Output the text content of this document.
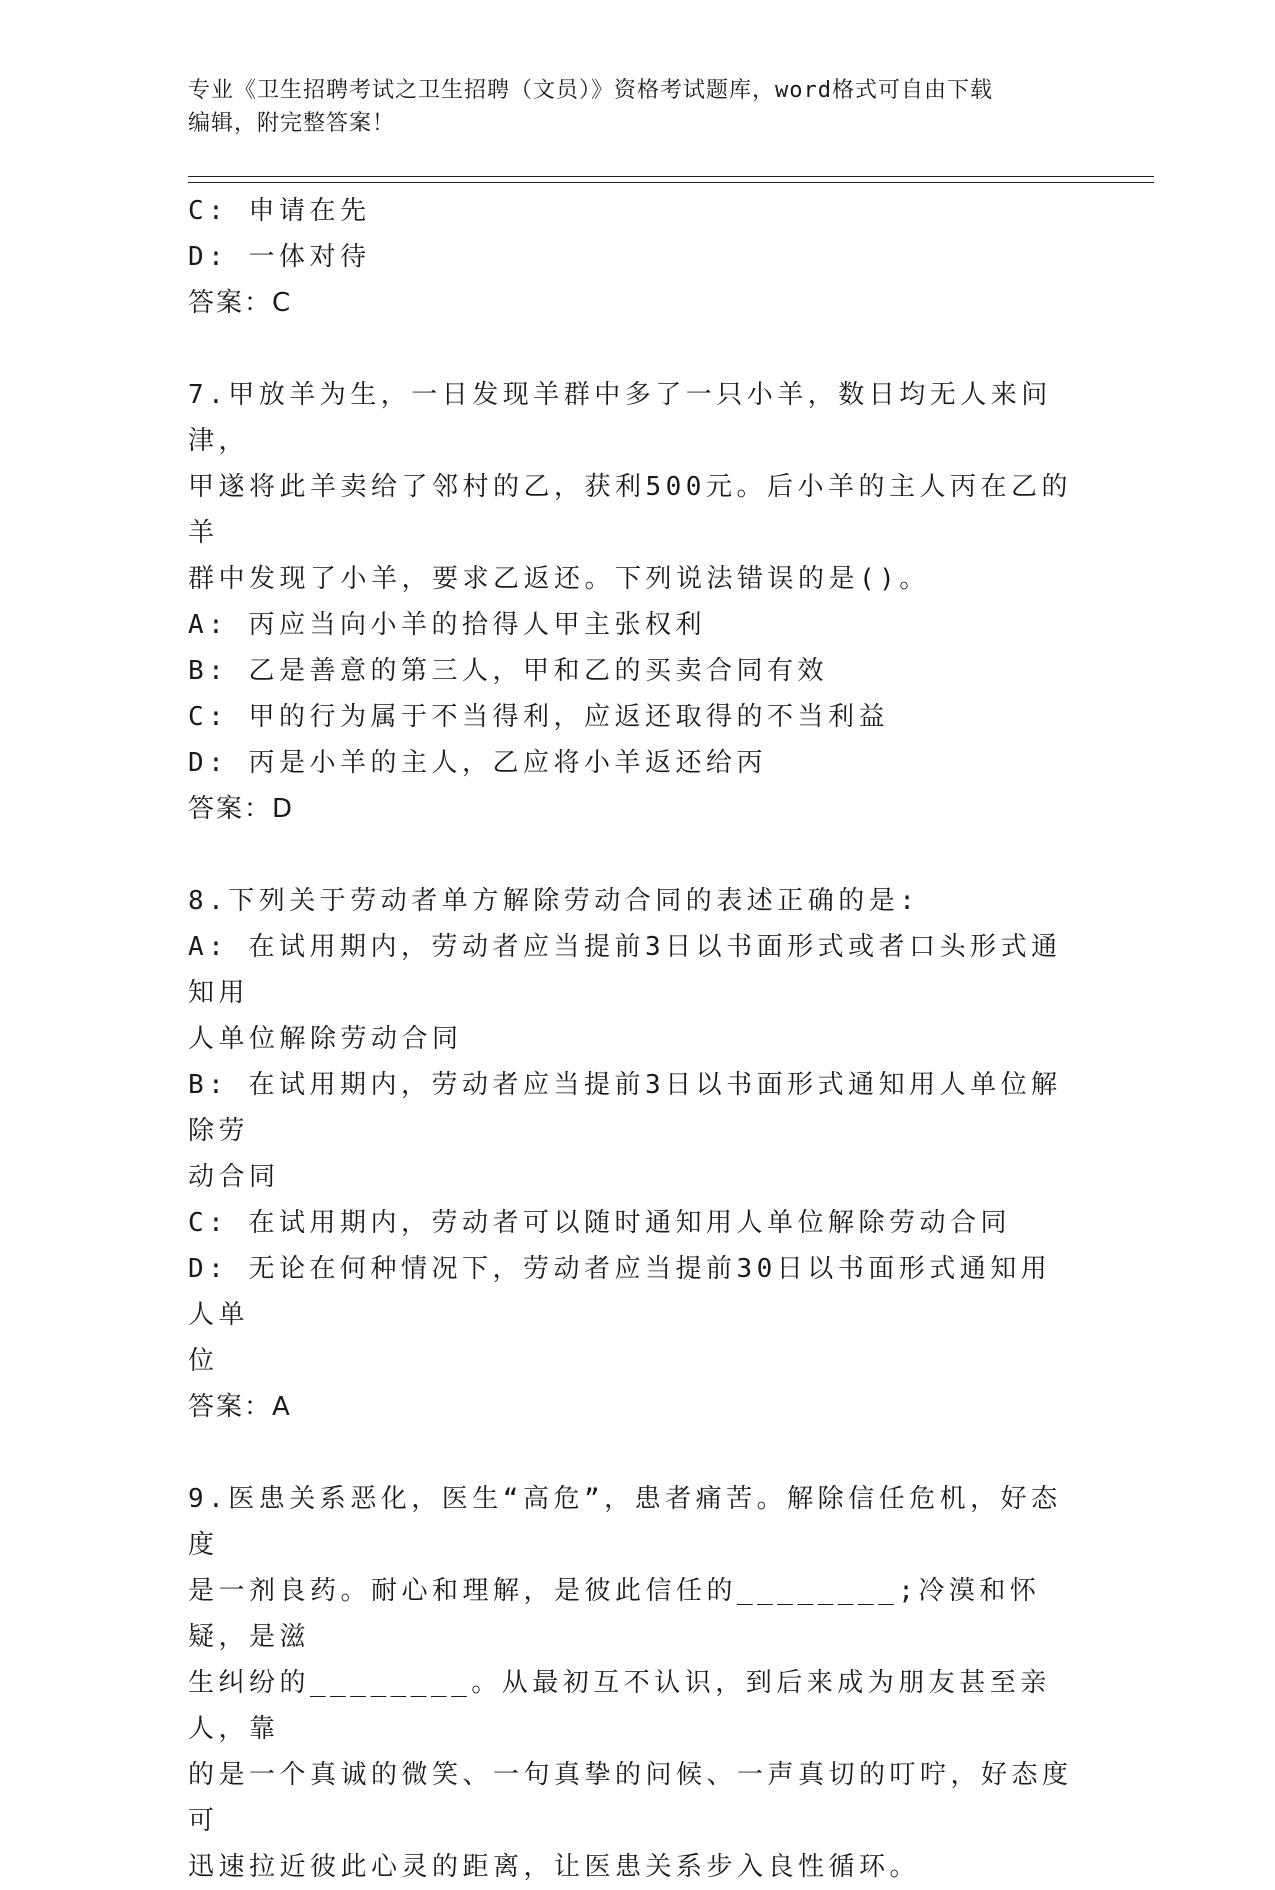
专业《卫生招聘考试之卫生招聘（文员）》资格考试题库，word格式可自由下载
编辑，附完整答案！

C: 申请在先

D: 一体对待

答案：C

7.甲放羊为生，一日发现羊群中多了一只小羊，数日均无人来问津，

甲遂将此羊卖给了邻村的乙，获利500元。后小羊的主人丙在乙的羊

群中发现了小羊，要求乙返还。下列说法错误的是()。

A: 丙应当向小羊的拾得人甲主张权利

B: 乙是善意的第三人，甲和乙的买卖合同有效

C: 甲的行为属于不当得利，应返还取得的不当利益

D: 丙是小羊的主人，乙应将小羊返还给丙

答案：D

8.下列关于劳动者单方解除劳动合同的表述正确的是:

A: 在试用期内，劳动者应当提前3日以书面形式或者口头形式通知用

人单位解除劳动合同

B: 在试用期内，劳动者应当提前3日以书面形式通知用人单位解除劳

动合同

C: 在试用期内，劳动者可以随时通知用人单位解除劳动合同

D: 无论在何种情况下，劳动者应当提前30日以书面形式通知用人单

位

答案：A

9.医患关系恶化，医生“高危”，患者痛苦。解除信任危机，好态度

是一剂良药。耐心和理解，是彼此信任的________;冷漠和怀疑，是滋

生纠纷的________。从最初互不认识，到后来成为朋友甚至亲人，靠

的是一个真诚的微笑、一句真挚的问候、一声真切的叮咛，好态度可

迅速拉近彼此心灵的距离，让医患关系步入良性循环。
